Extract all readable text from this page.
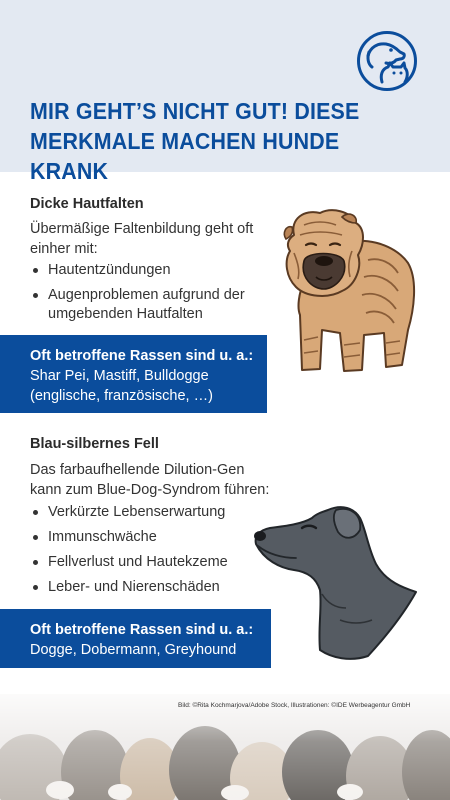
MIR GEHT’S NICHT GUT! DIESE
MERKMALE MACHEN HUNDE KRANK
Dicke Hautfalten
Übermäßige Faltenbildung geht oft einher mit:
Hautentzündungen
Augenproblemen aufgrund der umgebenden Hautfalten
Oft betroffene Rassen sind u. a.:
Shar Pei, Mastiff, Bulldogge (englische, französische, …)
Blau-silbernes Fell
Das farbaufhellende Dilution-Gen kann zum Blue-Dog-Syndrom führen:
Verkürzte Lebenserwartung
Immunschwäche
Fellverlust und Hautekzeme
Leber- und Nierenschäden
Oft betroffene Rassen sind u. a.:
Dogge, Dobermann, Greyhound
Bild: ©Rita Kochmarjova/Adobe Stock, Illustrationen: ©IDE Werbeagentur GmbH
